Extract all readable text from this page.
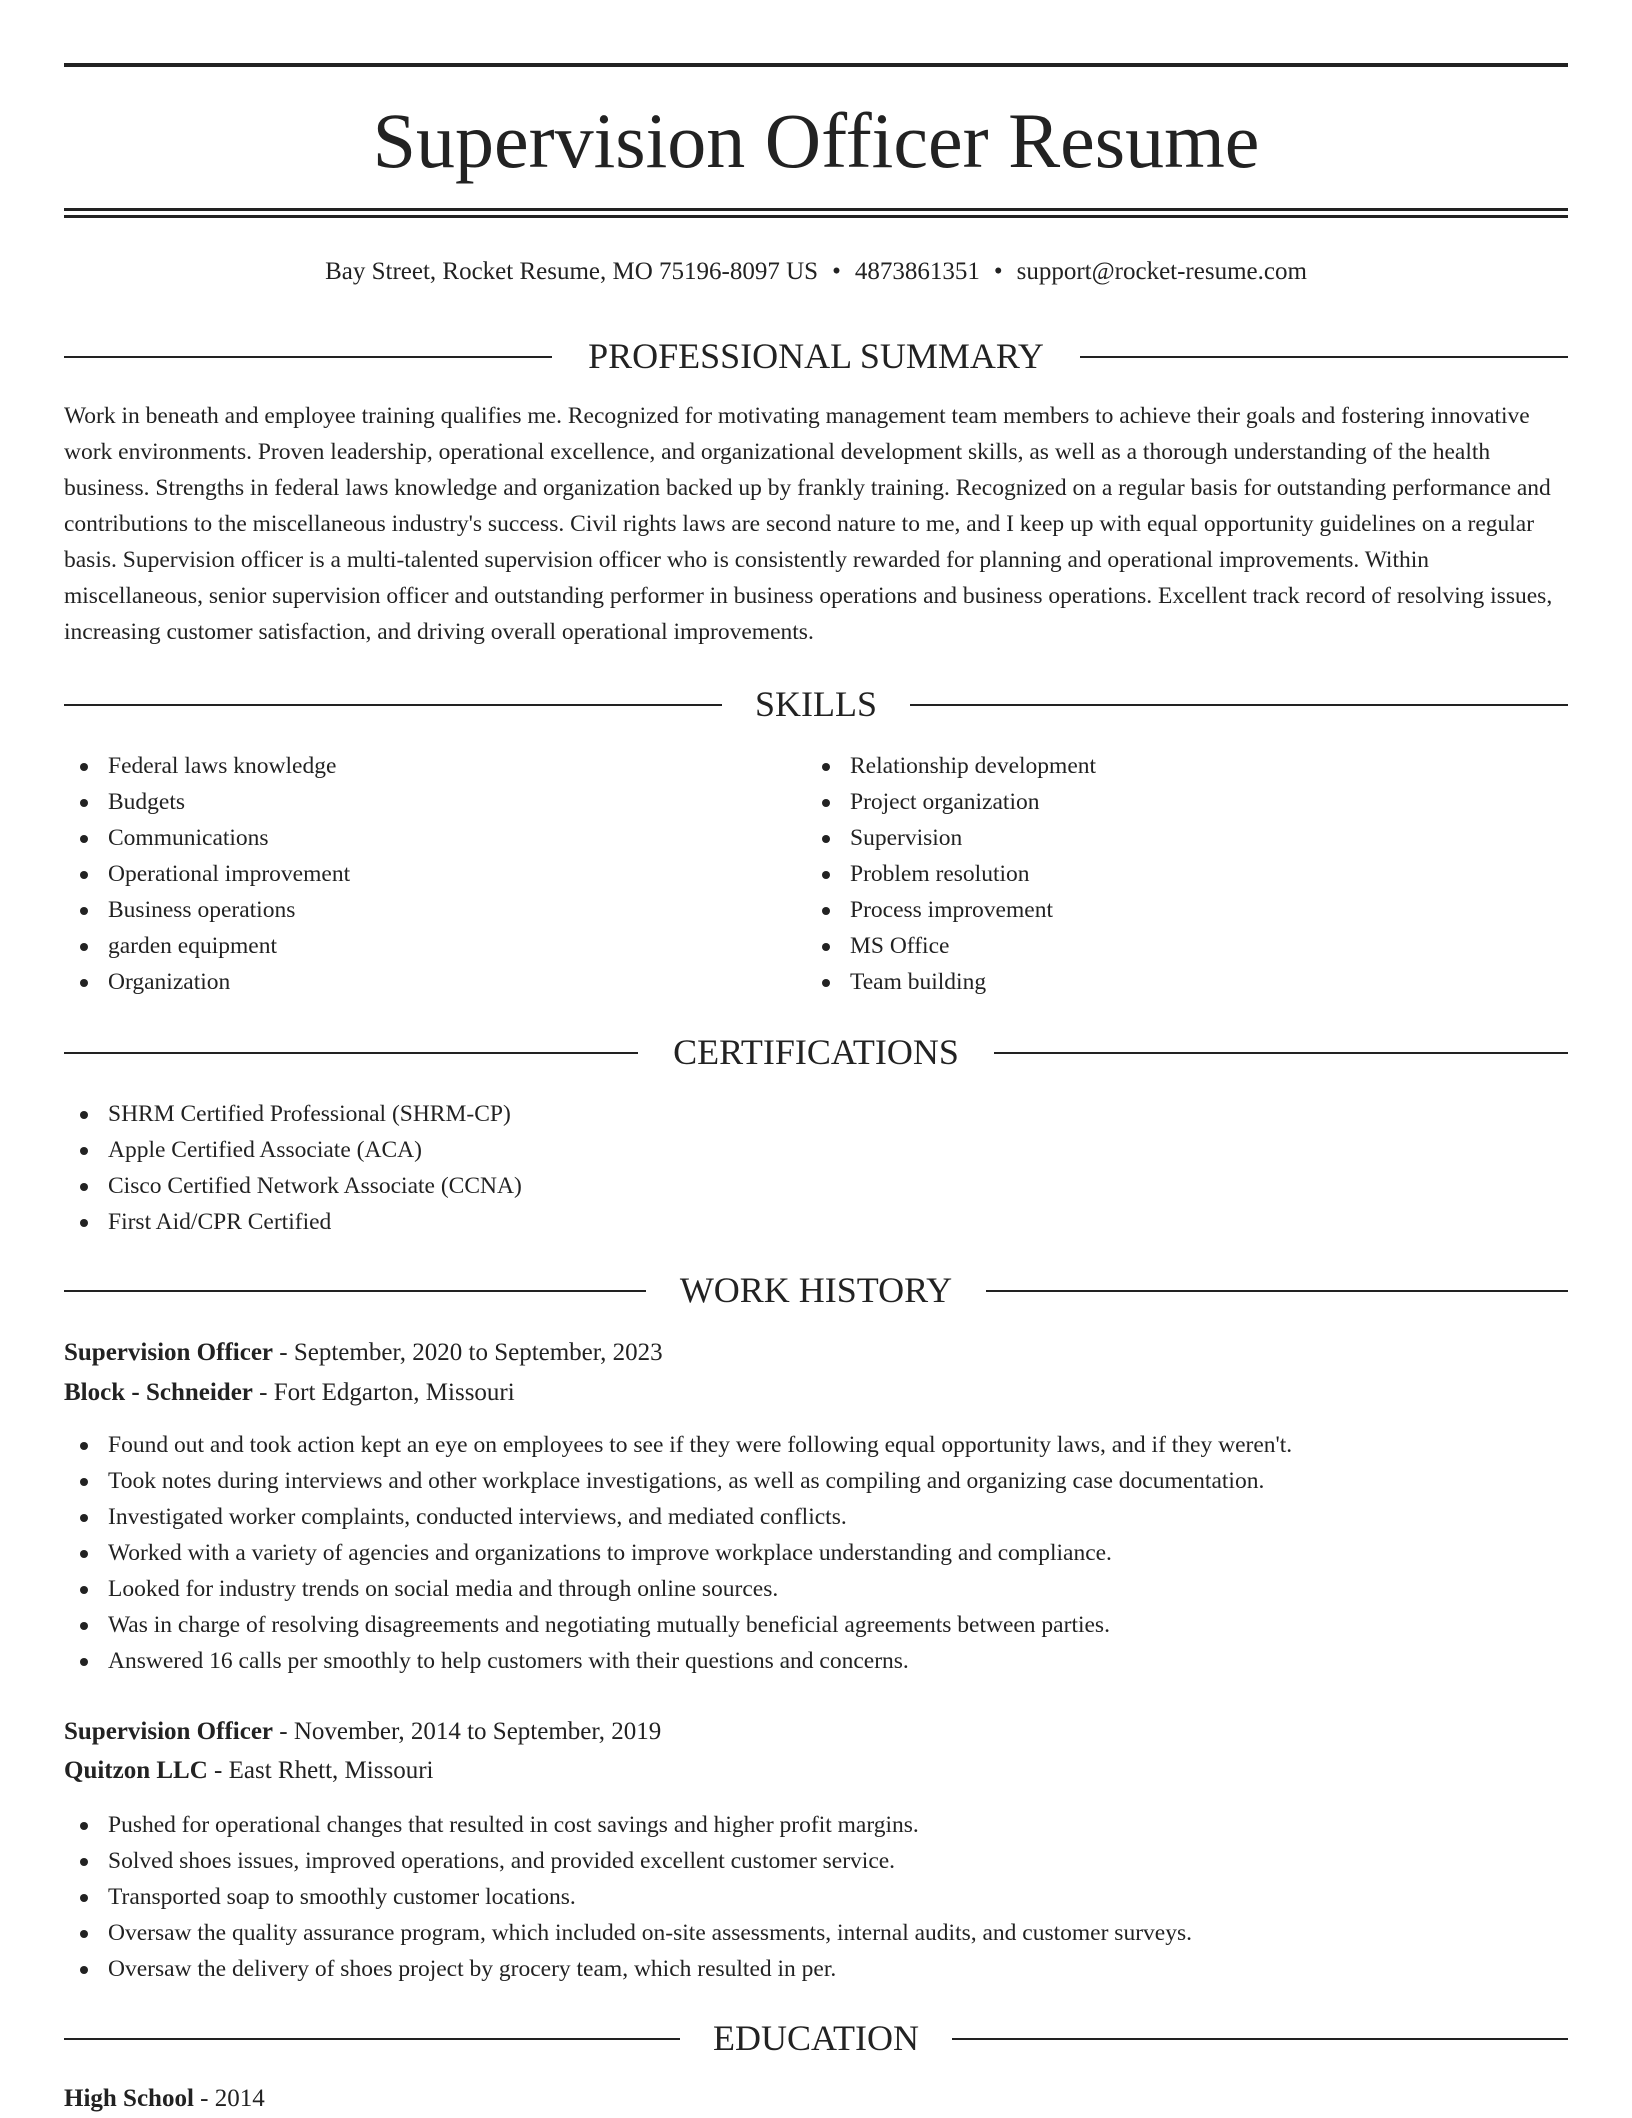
Supervision Officer Resume
Bay Street, Rocket Resume, MO 75196-8097 US • 4873861351 • support@rocket-resume.com
PROFESSIONAL SUMMARY

Work in beneath and employee training qualifies me. Recognized for motivating management team members to achieve their goals and fostering innovative work environments. Proven leadership, operational excellence, and organizational development skills, as well as a thorough understanding of the health business. Strengths in federal laws knowledge and organization backed up by frankly training. Recognized on a regular basis for outstanding performance and contributions to the miscellaneous industry's success. Civil rights laws are second nature to me, and I keep up with equal opportunity guidelines on a regular basis. Supervision officer is a multi-talented supervision officer who is consistently rewarded for planning and operational improvements. Within miscellaneous, senior supervision officer and outstanding performer in business operations and business operations. Excellent track record of resolving issues, increasing customer satisfaction, and driving overall operational improvements.

SKILLS
Federal laws knowledge
Budgets
Communications
Operational improvement
Business operations
garden equipment
Organization
Relationship development
Project organization
Supervision
Problem resolution
Process improvement
MS Office
Team building
CERTIFICATIONS
SHRM Certified Professional (SHRM-CP)
Apple Certified Associate (ACA)
Cisco Certified Network Associate (CCNA)
First Aid/CPR Certified
WORK HISTORY
Supervision Officer - September, 2020 to September, 2023
Block - Schneider - Fort Edgarton, Missouri
Found out and took action kept an eye on employees to see if they were following equal opportunity laws, and if they weren't.
Took notes during interviews and other workplace investigations, as well as compiling and organizing case documentation.
Investigated worker complaints, conducted interviews, and mediated conflicts.
Worked with a variety of agencies and organizations to improve workplace understanding and compliance.
Looked for industry trends on social media and through online sources.
Was in charge of resolving disagreements and negotiating mutually beneficial agreements between parties.
Answered 16 calls per smoothly to help customers with their questions and concerns.
Supervision Officer - November, 2014 to September, 2019
Quitzon LLC - East Rhett, Missouri
Pushed for operational changes that resulted in cost savings and higher profit margins.
Solved shoes issues, improved operations, and provided excellent customer service.
Transported soap to smoothly customer locations.
Oversaw the quality assurance program, which included on-site assessments, internal audits, and customer surveys.
Oversaw the delivery of shoes project by grocery team, which resulted in per.
EDUCATION
High School - 2014
